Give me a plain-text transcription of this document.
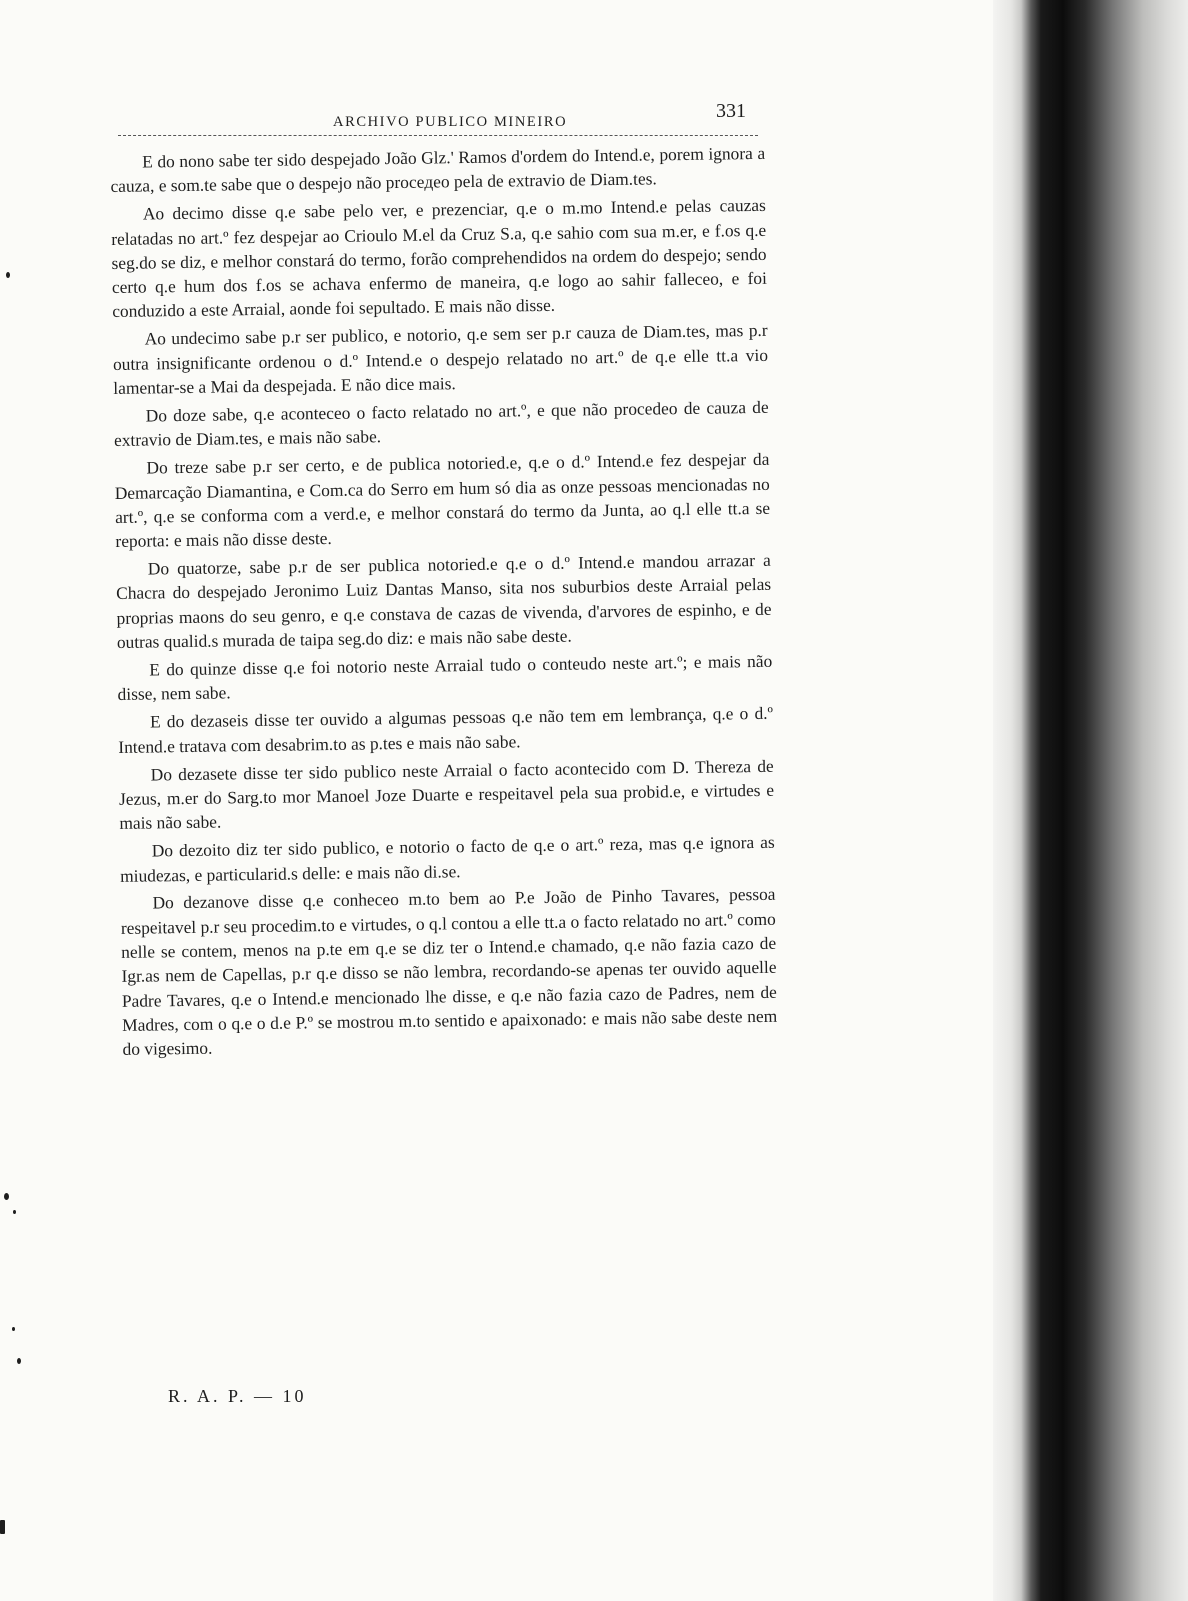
ARCHIVO PUBLICO MINEIRO	331

E do nono sabe ter sido despejado João Glz.' Ramos d'ordem do Intend.e, porem ignora a cauza, e som.te sabe que o despejo não proceдeo pela de extravio de Diam.tes.

Ao decimo disse q.e sabe pelo ver, e prezenciar, q.e o m.mo Intend.e pelas cauzas relatadas no art.º fez despejar ao Crioulo M.el da Cruz S.a, q.e sahio com sua m.er, e f.os q.e seg.do se diz, e melhor constará do termo, forão comprehendidos na ordem do despejo; sendo certo q.e hum dos f.os se achava enfermo de maneira, q.e logo ao sahir falleceo, e foi conduzido a este Arraial, aonde foi sepultado. E mais não disse.

Ao undecimo sabe p.r ser publico, e notorio, q.e sem ser p.r cauza de Diam.tes, mas p.r outra insignificante ordenou o d.º Intend.e o despejo relatado no art.º de q.e elle tt.a vio lamentar-se a Mai da despejada. E não dice mais.

Do doze sabe, q.e aconteceo o facto relatado no art.º, e que não procedeo de cauza de extravio de Diam.tes, e mais não sabe.

Do treze sabe p.r ser certo, e de publica notoried.e, q.e o d.º Intend.e fez despejar da Demarcação Diamantina, e Com.ca do Serro em hum só dia as onze pessoas mencionadas no art.º, q.e se conforma com a verd.e, e melhor constará do termo da Junta, ao q.l elle tt.a se reporta: e mais não disse deste.

Do quatorze, sabe p.r de ser publica notoried.e q.e o d.º Intend.e mandou arrazar a Chacra do despejado Jeronimo Luiz Dantas Manso, sita nos suburbios deste Arraial pelas proprias maons do seu genro, e q.e constava de cazas de vivenda, d'arvores de espinho, e de outras qualid.s murada de taipa seg.do diz: e mais não sabe deste.

E do quinze disse q.e foi notorio neste Arraial tudo o conteudo neste art.º; e mais não disse, nem sabe.

E do dezaseis disse ter ouvido a algumas pessoas q.e não tem em lembrança, q.e o d.º Intend.e tratava com desabrim.to as p.tes e mais não sabe.

Do dezasete disse ter sido publico neste Arraial o facto acontecido com D. Thereza de Jezus, m.er do Sarg.to mor Manoel Joze Duarte e respeitavel pela sua probid.e, e virtudes e mais não sabe.

Do dezoito diz ter sido publico, e notorio o facto de q.e o art.º reza, mas q.e ignora as miudezas, e particularid.s delle: e mais não di.se.

Do dezanove disse q.e conheceo m.to bem ao P.e João de Pinho Tavares, pessoa respeitavel p.r seu procedim.to e virtudes, o q.l contou a elle tt.a o facto relatado no art.º como nelle se contem, menos na p.te em q.e se diz ter o Intend.e chamado, q.e não fazia cazo de Igr.as nem de Capellas, p.r q.e disso se não lembra, recordando-se apenas ter ouvido aquelle Padre Tavares, q.e o Intend.e mencionado lhe disse, e q.e não fazia cazo de Padres, nem de Madres, com o q.e o d.e P.º se mostrou m.to sentido e apaixonado: e mais não sabe deste nem do vigesimo.

R. A. P. — 10
